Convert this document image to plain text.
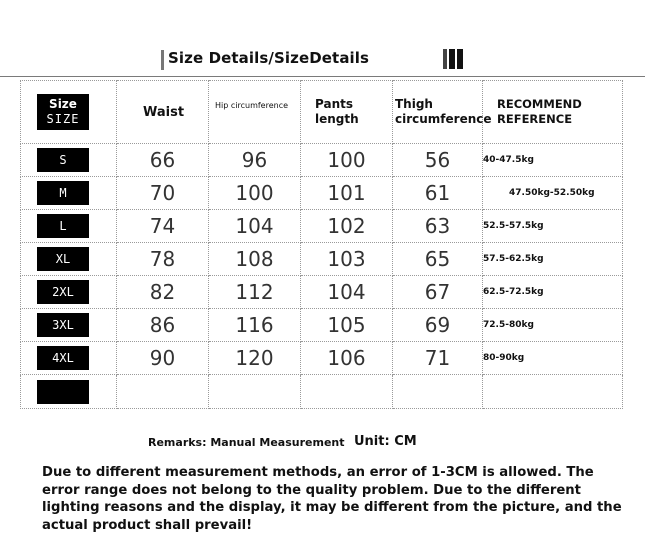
Size Details/SizeDetails
Size
SIZE	Waist	Hip circumference	Pants length	Thigh circumference	RECOMMEND REFERENCE

S	66	96	100	56	40-47.5kg

M	70	100	101	61	47.50kg-52.50kg

L	74	104	102	63	52.5-57.5kg

XL	78	108	103	65	57.5-62.5kg

2XL	82	112	104	67	62.5-72.5kg

3XL	86	116	105	69	72.5-80kg

4XL	90	120	106	71	80-90kg

Remarks: Manual Measurement Unit: CM
Due to different measurement methods, an error of 1-3CM is allowed. The error range does not belong to the quality problem. Due to the different lighting reasons and the display, it may be different from the picture, and the actual product shall prevail!
